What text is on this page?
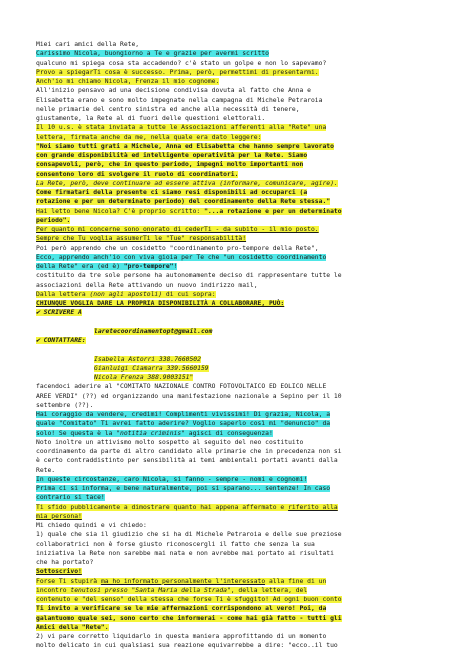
Miei cari amici della Rete,
Carissimo Nicola, buongiorno a Te e grazie per avermi scritto
qualcuno mi spiega cosa sta accadendo? c'è stato un golpe e non lo sapevamo?
Provo a spiegarTi cosa è successo. Prima, però, permettimi di presentarmi.
Anch'io mi chiamo Nicola, Frenza il mio cognome.
All'inizio pensavo ad una decisione condivisa dovuta al fatto che Anna e
Elisabetta erano e sono molto impegnate nella campagna di Michele Petraroia
nelle primarie del centro sinistra ed anche alla necessità di tenere,
giustamente, la Rete al di fuori delle questioni elettorali.
Il 10 u.s. è stata inviata a tutte le Associazioni afferenti alla "Rete" una
lettera, firmata anche da me, nella quale era dato leggere:
"Noi siamo tutti grati a Michele, Anna ed Elisabetta che hanno sempre lavorato
con grande disponibilità ed intelligente operatività per la Rete. Siamo
consapevoli, però, che in questo periodo, impegni molto importanti non
consentono loro di svolgere il ruolo di coordinatori.
La Rete, però, deve continuare ad essere attiva (informare, comunicare, agire).
Come firmatari della presente ci siamo resi disponibili ad occuparci (a
rotazione e per un determinato periodo) del coordinamento della Rete stessa."
Hai letto bene Nicola? C'è proprio scritto: "...a rotazione e per un determinato
periodo".
Per quanto mi concerne sono onorato di cederTi - da subito - il mio posto.
Sempre che Tu voglia assumerTi le "Tue" responsabilità!
Poi però apprendo che un cosidetto "coordinamento pro-tempore della Rete",
Ecco, apprendo anch'io con viva gioia per Te che "un cosidetto coordinamento
della Rete" era (ed è) "pro-tempore"!
costituito da tre sole persone ha autonomamente deciso di rappresentare tutte le
associazioni della Rete attivando un nuovo indirizzo mail,
Dalla lettera (non agli apostoli) di cui sopra:
CHIUNQUE VOGLIA DARE LA PROPRIA DISPONIBILITÀ A COLLABORARE, PUÒ:
✔ SCRIVERE A
laretecoordinamentopt@gmail.com
✔ CONTATTARE:
Isabella Astorri 338.7660502
Gianluigi Ciamarra 339.5660159
Nicola Frenza 388.9003151"
facendoci aderire al "COMITATO NAZIONALE CONTRO FOTOVOLTAICO ED EOLICO NELLE
AREE VERDI" (??) ed organizzando una manifestazione nazionale a Sepino per il 10
settembre (??).
Hai coraggio da vendere, credimi! Complimenti vivissimi! Di grazia, Nicola, a
quale "Comitato" Ti avrei fatto aderire? Voglio saperlo così mi "denuncio" da
solo! Se questa è la "notitia criminis" agisci di conseguenza!
Noto inoltre un attivismo molto sospetto al seguito del neo costituito
coordinamento da parte di altro candidato alle primarie che in precedenza non si
è certo contraddistinto per sensibilità ai temi ambientali portati avanti dalla
Rete.
In queste circostanze, caro Nicola, si fanno - sempre - nomi e cognomi!
Prima ci si informa, e bene naturalmente, poi si sparano... sentenze! In caso
contrario si tace!
Ti sfido pubblicamente a dimostrare quanto hai appena affermato e riferito alla
mia persona!
Mi chiedo quindi e vi chiedo:
1) quale che sia il giudizio che si ha di Michele Petraroia e delle sue preziose
collaboratrici non è forse giusto riconoscergli il fatto che senza la sua
iniziativa la Rete non sarebbe mai nata e non avrebbe mai portato ai risultati
che ha portato?
Sottoscrivo!
Forse Ti stupirà ma ho informato personalmente l'interessato alla fine di un
incontro tenutosi presso "Santa Maria della Strada", della lettera, del
contenuto e "del senso" della stessa che forse Ti è sfuggito! Ad ogni buon conto
Ti invito a verificare se le mie affermazioni corrispondono al vero! Poi, da
galantuomo quale sei, sono certo che informerai - come hai già fatto - tutti gli
Amici della "Rete".
2) vi pare corretto liquidarlo in questa maniera approfittando di un momento
molto delicato in cui qualsiasi sua reazione equivarrebbe a dire: "ecco..il tuo
